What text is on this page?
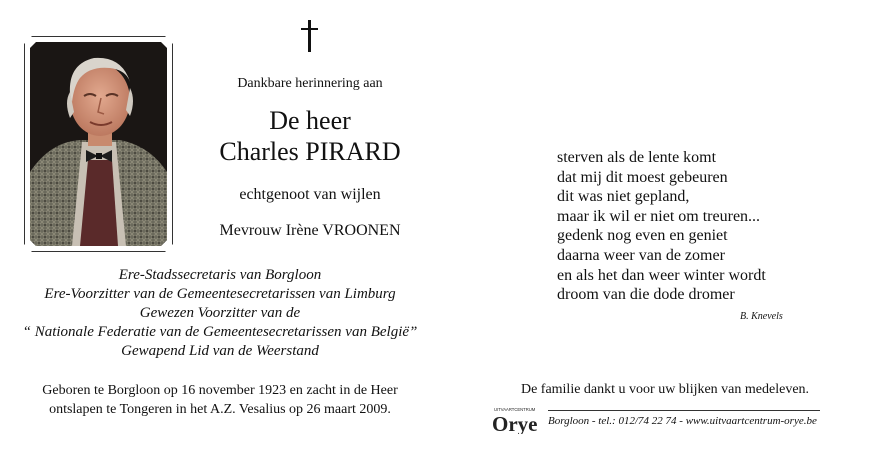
Dankbare herinnering aan
De heer
Charles PIRARD
echtgenoot van wijlen
Mevrouw Irène VROONEN
Ere-Stadssecretaris van Borgloon
Ere-Voorzitter van de Gemeentesecretarissen van Limburg
Gewezen Voorzitter van de
“ Nationale Federatie van de Gemeentesecretarissen van België”
Gewapend Lid van de Weerstand
Geboren te Borgloon op 16 november 1923 en zacht in de Heer
ontslapen te Tongeren in het A.Z. Vesalius op 26 maart 2009.
sterven als de lente komt
dat mij dit moest gebeuren
dit was niet gepland,
maar ik wil er niet om treuren...
gedenk nog even en geniet
daarna weer van de zomer
en als het dan weer winter wordt
droom van die dode dromer
B. Knevels
De familie dankt u voor uw blijken van medeleven.
UITVAARTCENTRUM
Orye Borgloon - tel.: 012/74 22 74 - www.uitvaartcentrum-orye.be
